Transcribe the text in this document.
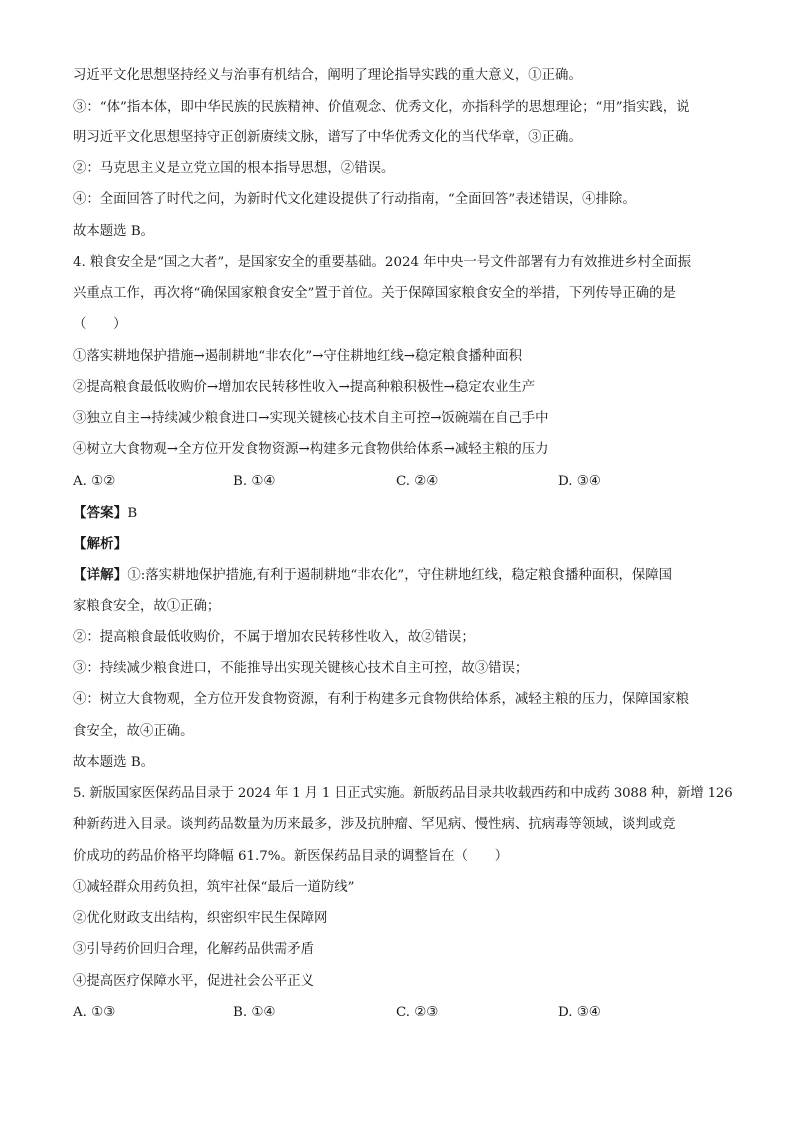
习近平文化思想坚持经义与治事有机结合，阐明了理论指导实践的重大意义，①正确。
③：“体”指本体，即中华民族的民族精神、价值观念、优秀文化，亦指科学的思想理论；“用”指实践，说
明习近平文化思想坚持守正创新赓续文脉，谱写了中华优秀文化的当代华章，③正确。
②：马克思主义是立党立国的根本指导思想，②错误。
④：全面回答了时代之问，为新时代文化建设提供了行动指南，“全面回答”表述错误，④排除。
故本题选 B。
4. 粮食安全是“国之大者”，是国家安全的重要基础。2024 年中央一号文件部署有力有效推进乡村全面振
兴重点工作，再次将“确保国家粮食安全”置于首位。关于保障国家粮食安全的举措，下列传导正确的是
（　　）
①落实耕地保护措施→遏制耕地“非农化”→守住耕地红线→稳定粮食播种面积
②提高粮食最低收购价→增加农民转移性收入→提高种粮积极性→稳定农业生产
③独立自主→持续减少粮食进口→实现关键核心技术自主可控→饭碗端在自己手中
④树立大食物观→全方位开发食物资源→构建多元食物供给体系→减轻主粮的压力
A. ①②	B. ①④	C. ②④	D. ③④
【答案】B
【解析】
【详解】①:落实耕地保护措施,有利于遏制耕地“非农化”，守住耕地红线，稳定粮食播种面积，保障国
家粮食安全，故①正确；
②：提高粮食最低收购价，不属于增加农民转移性收入，故②错误；
③：持续减少粮食进口，不能推导出实现关键核心技术自主可控，故③错误；
④：树立大食物观，全方位开发食物资源，有利于构建多元食物供给体系，减轻主粮的压力，保障国家粮
食安全，故④正确。
故本题选 B。
5. 新版国家医保药品目录于 2024 年 1 月 1 日正式实施。新版药品目录共收载西药和中成药 3088 种，新增 126
种新药进入目录。谈判药品数量为历来最多，涉及抗肿瘤、罕见病、慢性病、抗病毒等领域，谈判或竞
价成功的药品价格平均降幅 61.7%。新医保药品目录的调整旨在（　　）
①减轻群众用药负担，筑牢社保“最后一道防线”
②优化财政支出结构，织密织牢民生保障网
③引导药价回归合理，化解药品供需矛盾
④提高医疗保障水平，促进社会公平正义
A. ①③	B. ①④	C. ②③	D. ③④
